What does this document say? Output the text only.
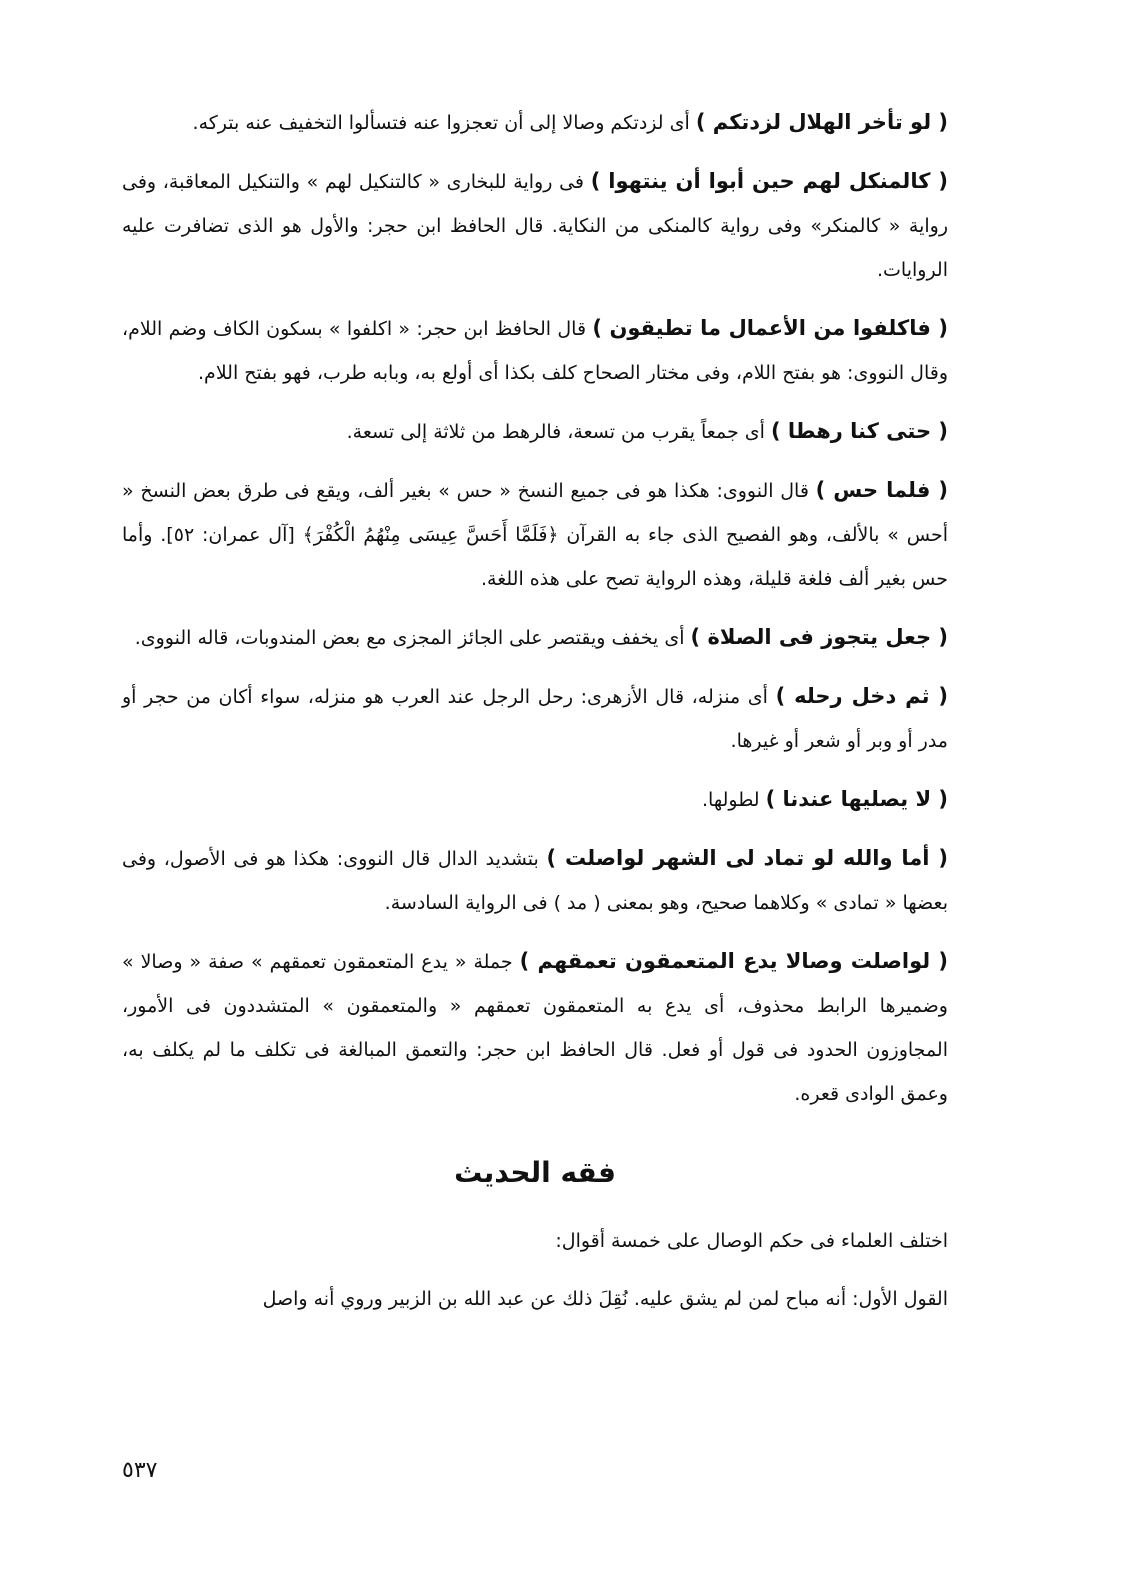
( لو تأخر الهلال لزدتكم ) أى لزدتكم وصالا إلى أن تعجزوا عنه فتسألوا التخفيف عنه بتركه.

( كالمنكل لهم حين أبوا أن ينتهوا ) فى رواية للبخارى « كالتنكيل لهم » والتنكيل المعاقبة، وفى رواية « كالمنكر» وفى رواية كالمنكى من النكاية. قال الحافظ ابن حجر: والأول هو الذى تضافرت عليه الروايات.

( فاكلفوا من الأعمال ما تطيقون ) قال الحافظ ابن حجر: « اكلفوا » بسكون الكاف وضم اللام، وقال النووى: هو بفتح اللام، وفى مختار الصحاح كلف بكذا أى أولع به، وبابه طرب، فهو بفتح اللام.

( حتى كنا رهطا ) أى جمعاً يقرب من تسعة، فالرهط من ثلاثة إلى تسعة.

( فلما حس ) قال النووى: هكذا هو فى جميع النسخ « حس » بغير ألف، ويقع فى طرق بعض النسخ « أحس » بالألف، وهو الفصيح الذى جاء به القرآن ﴿فَلَمَّا أَحَسَّ عِيسَى مِنْهُمُ الْكُفْرَ﴾ [آل عمران: ٥٢]. وأما حس بغير ألف فلغة قليلة، وهذه الرواية تصح على هذه اللغة.

( جعل يتجوز فى الصلاة ) أى يخفف ويقتصر على الجائز المجزى مع بعض المندوبات، قاله النووى.

( ثم دخل رحله ) أى منزله، قال الأزهرى: رحل الرجل عند العرب هو منزله، سواء أكان من حجر أو مدر أو وبر أو شعر أو غيرها.

( لا يصليها عندنا ) لطولها.

( أما والله لو تماد لى الشهر لواصلت ) بتشديد الدال قال النووى: هكذا هو فى الأصول، وفى بعضها « تمادى » وكلاهما صحيح، وهو بمعنى ( مد ) فى الرواية السادسة.

( لواصلت وصالا يدع المتعمقون تعمقهم ) جملة « يدع المتعمقون تعمقهم » صفة « وصالا » وضميرها الرابط محذوف، أى يدع به المتعمقون تعمقهم « والمتعمقون » المتشددون فى الأمور، المجاوزون الحدود فى قول أو فعل. قال الحافظ ابن حجر: والتعمق المبالغة فى تكلف ما لم يكلف به، وعمق الوادى قعره.

فقه الحديث

اختلف العلماء فى حكم الوصال على خمسة أقوال:

القول الأول: أنه مباح لمن لم يشق عليه. نُقِلَ ذلك عن عبد الله بن الزبير وروي أنه واصل

٥٣٧
